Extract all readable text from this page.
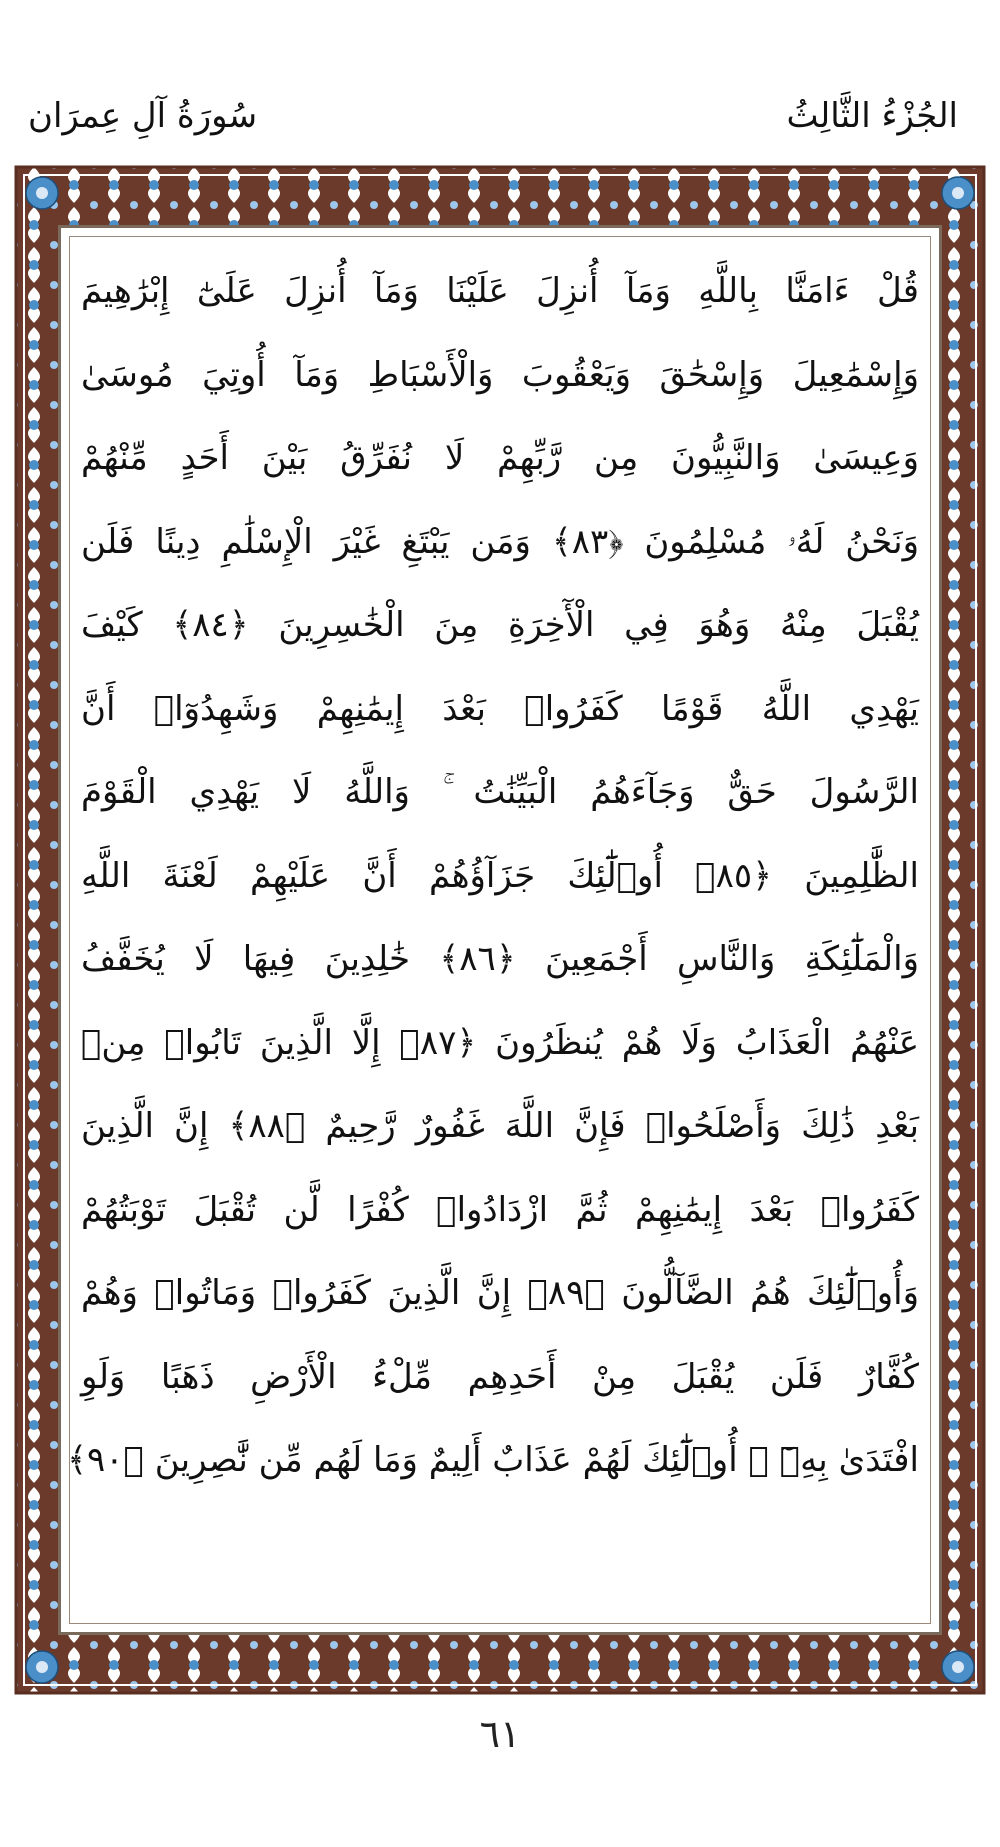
الجُزْءُ الثَّالِثُ
سُورَةُ آلِ عِمرَان
قُلْ ءَامَنَّا بِاللَّهِ وَمَآ أُنزِلَ عَلَيْنَا وَمَآ أُنزِلَ عَلَىٰٓ إِبْرَٰهِيمَ
وَإِسْمَٰعِيلَ وَإِسْحَٰقَ وَيَعْقُوبَ وَالْأَسْبَاطِ وَمَآ أُوتِيَ مُوسَىٰ
وَعِيسَىٰ وَالنَّبِيُّونَ مِن رَّبِّهِمْ لَا نُفَرِّقُ بَيْنَ أَحَدٍ مِّنْهُمْ
وَنَحْنُ لَهُۥ مُسْلِمُونَ ﴿٨٣﴾ وَمَن يَبْتَغِ غَيْرَ الْإِسْلَٰمِ دِينًا فَلَن
يُقْبَلَ مِنْهُ وَهُوَ فِي الْأٓخِرَةِ مِنَ الْخَٰسِرِينَ ﴿٨٤﴾ كَيْفَ
يَهْدِي اللَّهُ قَوْمًا كَفَرُوا۟ بَعْدَ إِيمَٰنِهِمْ وَشَهِدُوٓا۟ أَنَّ
الرَّسُولَ حَقٌّ وَجَآءَهُمُ الْبَيِّنَٰتُ ۚ وَاللَّهُ لَا يَهْدِي الْقَوْمَ
الظَّٰلِمِينَ ﴿٨٥﴾ أُو۟لَٰٓئِكَ جَزَآؤُهُمْ أَنَّ عَلَيْهِمْ لَعْنَةَ اللَّهِ
وَالْمَلَٰٓئِكَةِ وَالنَّاسِ أَجْمَعِينَ ﴿٨٦﴾ خَٰلِدِينَ فِيهَا لَا يُخَفَّفُ
عَنْهُمُ الْعَذَابُ وَلَا هُمْ يُنظَرُونَ ﴿٨٧﴾ إِلَّا الَّذِينَ تَابُوا۟ مِنۢ
بَعْدِ ذَٰلِكَ وَأَصْلَحُوا۟ فَإِنَّ اللَّهَ غَفُورٌ رَّحِيمٌ ﴿٨٨﴾ إِنَّ الَّذِينَ
كَفَرُوا۟ بَعْدَ إِيمَٰنِهِمْ ثُمَّ ازْدَادُوا۟ كُفْرًا لَّن تُقْبَلَ تَوْبَتُهُمْ
وَأُو۟لَٰٓئِكَ هُمُ الضَّآلُّونَ ﴿٨٩﴾ إِنَّ الَّذِينَ كَفَرُوا۟ وَمَاتُوا۟ وَهُمْ
كُفَّارٌ فَلَن يُقْبَلَ مِنْ أَحَدِهِم مِّلْءُ الْأَرْضِ ذَهَبًا وَلَوِ
افْتَدَىٰ بِهِۦٓ ۗ أُو۟لَٰٓئِكَ لَهُمْ عَذَابٌ أَلِيمٌ وَمَا لَهُم مِّن نَّٰصِرِينَ ﴿٩٠﴾
٦١
